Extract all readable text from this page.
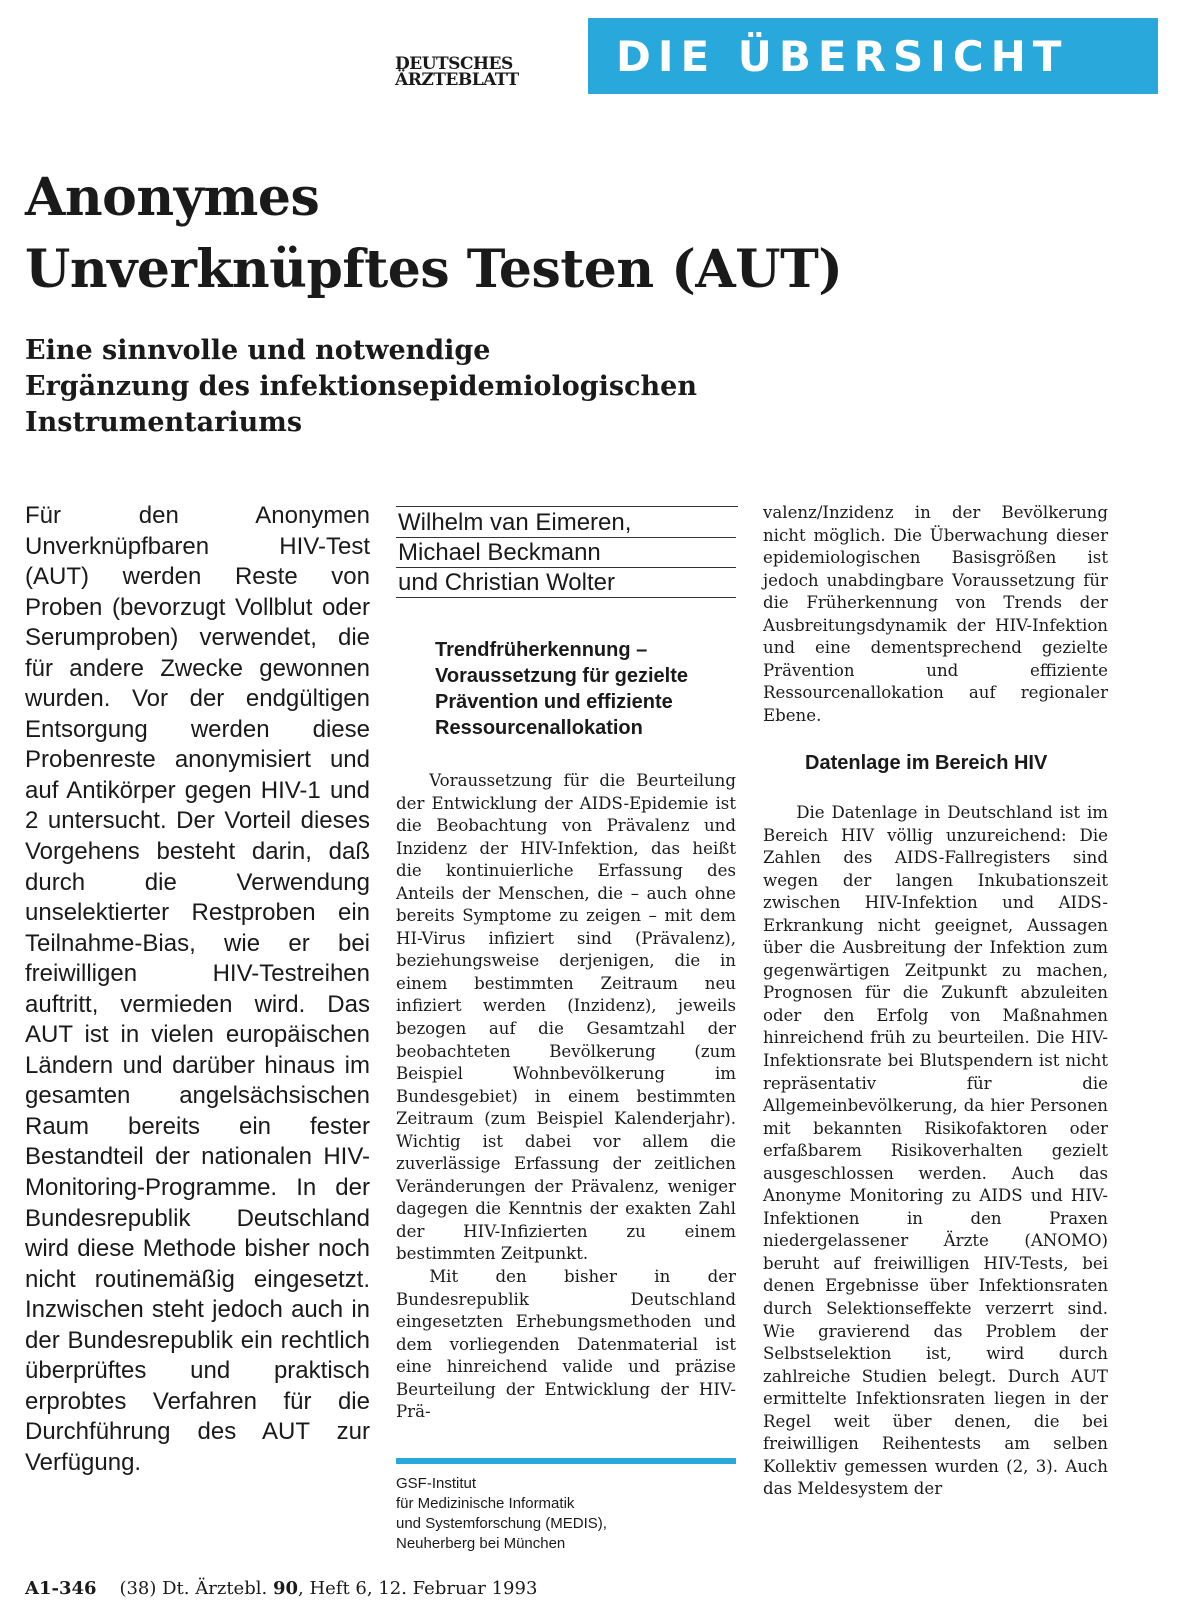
DEUTSCHES
ÄRZTEBLATT	DIE ÜBERSICHT
Anonymes
Unverknüpftes Testen (AUT)
Eine sinnvolle und notwendige
Ergänzung des infektionsepidemiologischen
Instrumentariums
Für den Anonymen Unverknüpfbaren HIV-Test (AUT) werden Reste von Proben (bevorzugt Vollblut oder Serumproben) verwendet, die für andere Zwecke gewonnen wurden. Vor der endgültigen Entsorgung werden diese Probenreste anonymisiert und auf Antikörper gegen HIV-1 und 2 untersucht. Der Vorteil dieses Vorgehens besteht darin, daß durch die Verwendung unselektierter Restproben ein Teilnahme-Bias, wie er bei freiwilligen HIV-Testreihen auftritt, vermieden wird. Das AUT ist in vielen europäischen Ländern und darüber hinaus im gesamten angelsächsischen Raum bereits ein fester Bestandteil der nationalen HIV-Monitoring-Programme. In der Bundesrepublik Deutschland wird diese Methode bisher noch nicht routinemäßig eingesetzt. Inzwischen steht jedoch auch in der Bundesrepublik ein rechtlich überprüftes und praktisch erprobtes Verfahren für die Durchführung des AUT zur Verfügung.
Wilhelm van Eimeren,
Michael Beckmann
und Christian Wolter
Trendfrüherkennung –
Voraussetzung für gezielte
Prävention und effiziente
Ressourcenallokation

Voraussetzung für die Beurteilung der Entwicklung der AIDS-Epidemie ist die Beobachtung von Prävalenz und Inzidenz der HIV-Infektion, das heißt die kontinuierliche Erfassung des Anteils der Menschen, die – auch ohne bereits Symptome zu zeigen – mit dem HI-Virus infiziert sind (Prävalenz), beziehungsweise derjenigen, die in einem bestimmten Zeitraum neu infiziert werden (Inzidenz), jeweils bezogen auf die Gesamtzahl der beobachteten Bevölkerung (zum Beispiel Wohnbevölkerung im Bundesgebiet) in einem bestimmten Zeitraum (zum Beispiel Kalenderjahr). Wichtig ist dabei vor allem die zuverlässige Erfassung der zeitlichen Veränderungen der Prävalenz, weniger dagegen die Kenntnis der exakten Zahl der HIV-Infizierten zu einem bestimmten Zeitpunkt.

Mit den bisher in der Bundesrepublik Deutschland eingesetzten Erhebungsmethoden und dem vorliegenden Datenmaterial ist eine hinreichend valide und präzise Beurteilung der Entwicklung der HIV-Prä-

GSF-Institut
für Medizinische Informatik
und Systemforschung (MEDIS),
Neuherberg bei München
valenz/Inzidenz in der Bevölkerung nicht möglich. Die Überwachung dieser epidemiologischen Basisgrößen ist jedoch unabdingbare Voraussetzung für die Früherkennung von Trends der Ausbreitungsdynamik der HIV-Infektion und eine dementsprechend gezielte Prävention und effiziente Ressourcenallokation auf regionaler Ebene.
Datenlage im Bereich HIV

Die Datenlage in Deutschland ist im Bereich HIV völlig unzureichend: Die Zahlen des AIDS-Fallregisters sind wegen der langen Inkubationszeit zwischen HIV-Infektion und AIDS-Erkrankung nicht geeignet, Aussagen über die Ausbreitung der Infektion zum gegenwärtigen Zeitpunkt zu machen, Prognosen für die Zukunft abzuleiten oder den Erfolg von Maßnahmen hinreichend früh zu beurteilen. Die HIV-Infektionsrate bei Blutspendern ist nicht repräsentativ für die Allgemeinbevölkerung, da hier Personen mit bekannten Risikofaktoren oder erfaßbarem Risikoverhalten gezielt ausgeschlossen werden. Auch das Anonyme Monitoring zu AIDS und HIV-Infektionen in den Praxen niedergelassener Ärzte (ANOMO) beruht auf freiwilligen HIV-Tests, bei denen Ergebnisse über Infektionsraten durch Selektionseffekte verzerrt sind. Wie gravierend das Problem der Selbstselektion ist, wird durch zahlreiche Studien belegt. Durch AUT ermittelte Infektionsraten liegen in der Regel weit über denen, die bei freiwilligen Reihentests am selben Kollektiv gemessen wurden (2, 3). Auch das Meldesystem der

A1-346 (38) Dt. Ärztebl. 90, Heft 6, 12. Februar 1993
